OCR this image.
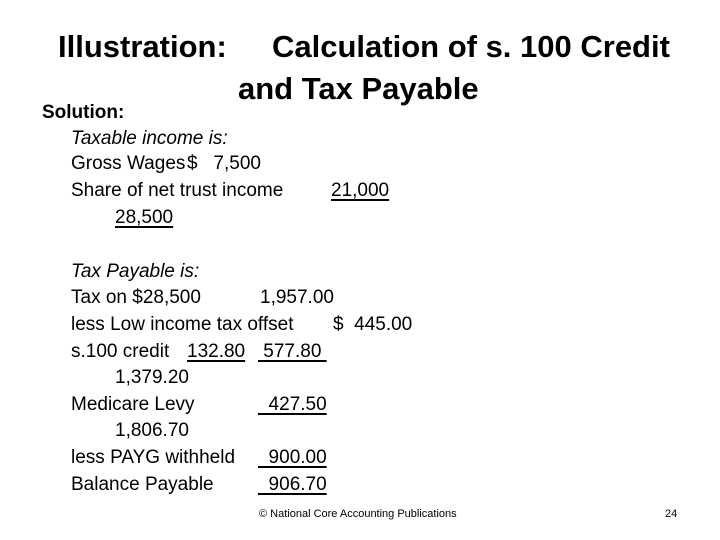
Illustration: Calculation of s. 100 Credit
and Tax Payable
Solution:
Taxable income is:
Gross Wages $   7,500
Share of net trust income	21,000
28,500
Tax Payable is:
Tax on $28,500	1,957.00
less Low income tax offset $  445.00
s.100 credit 132.80 577.80
1,379.20
Medicare Levy	427.50
1,806.70
less PAYG withheld 900.00
Balance Payable 906.70
© National Core Accounting Publications	24
